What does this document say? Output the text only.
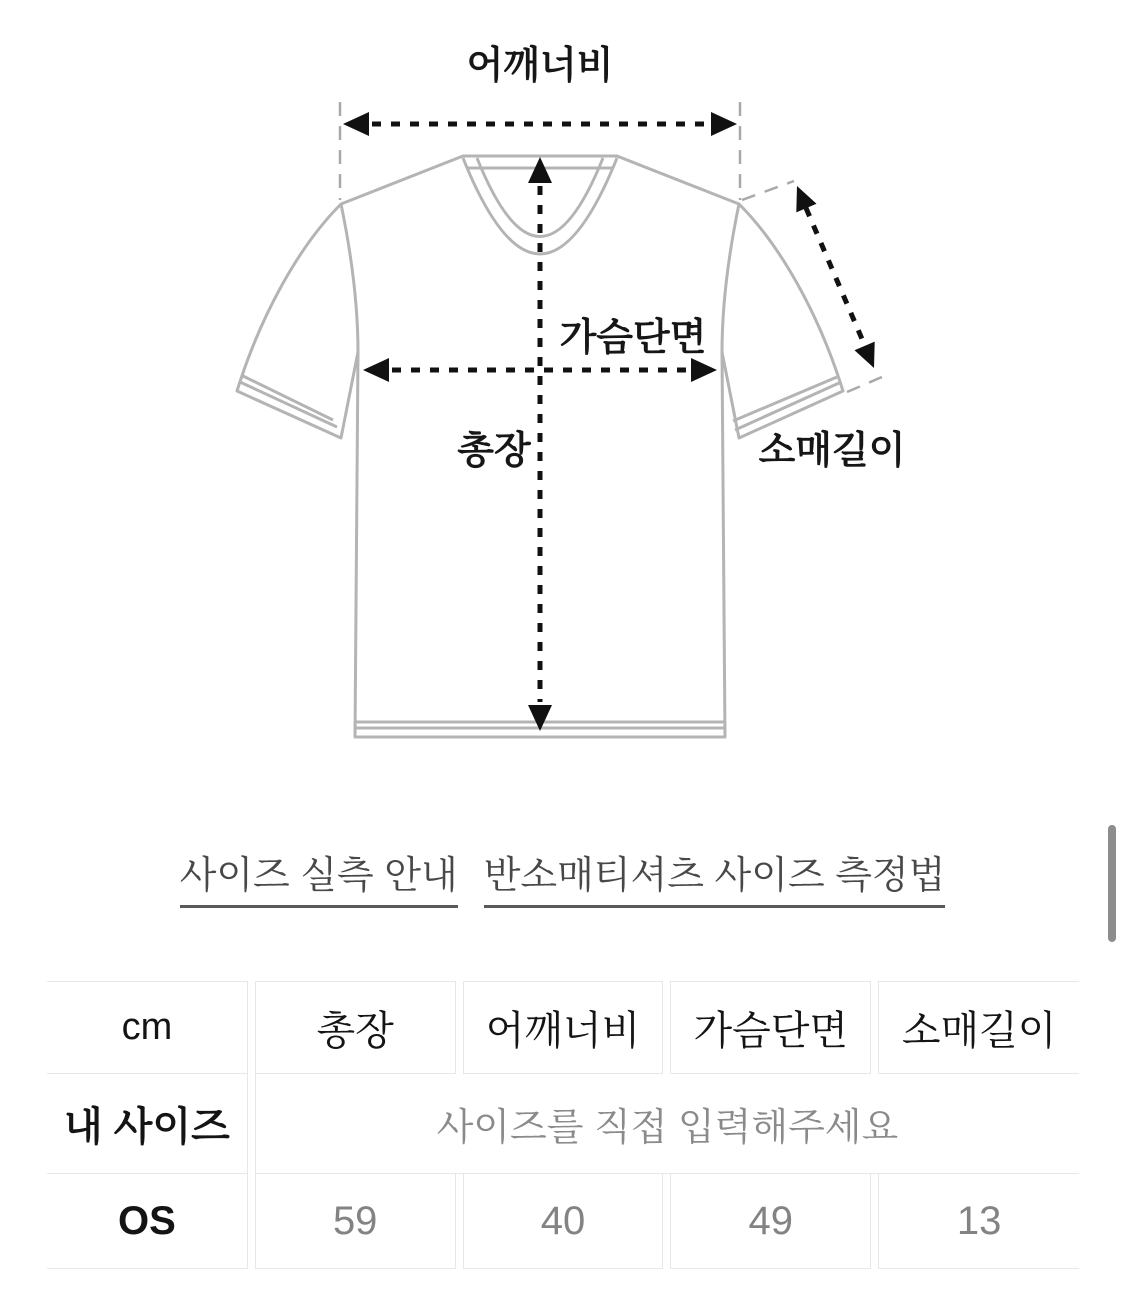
어깨너비
가슴단면
총장	소매길이
사이즈 실측 안내 반소매티셔츠 사이즈 측정법
cm	총장	어깨너비	가슴단면	소매길이
내 사이즈	사이즈를 직접 입력해주세요
OS	59	40	49	13
